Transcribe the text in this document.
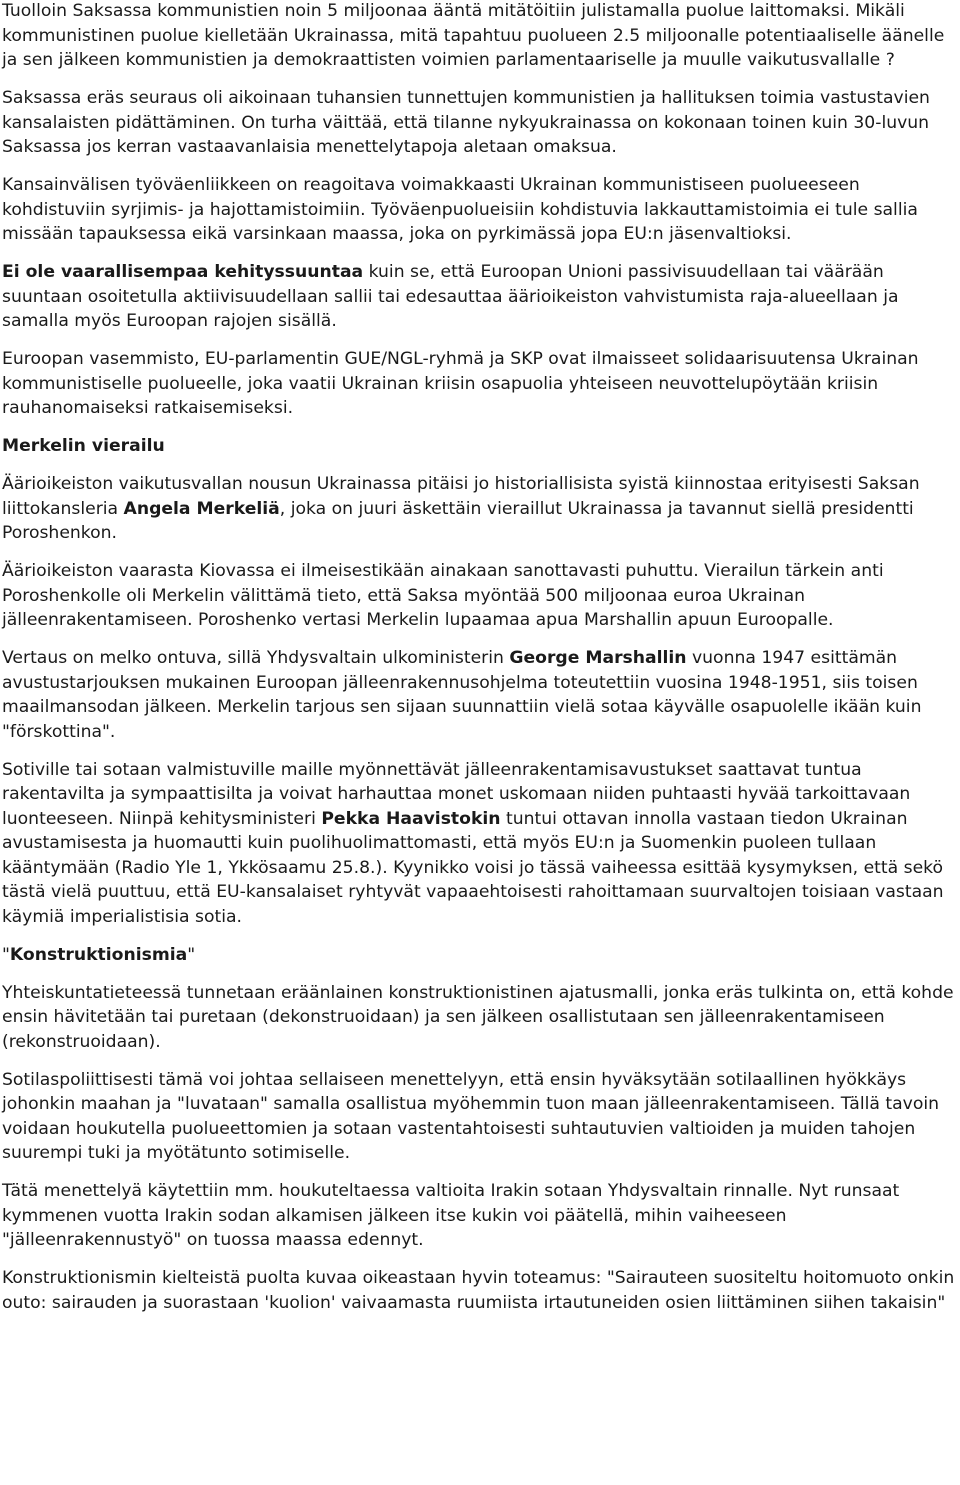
Tuolloin Saksassa kommunistien noin 5 miljoonaa ääntä mitätöitiin julistamalla puolue laittomaksi. Mikäli kommunistinen puolue kielletään Ukrainassa, mitä tapahtuu puolueen 2.5 miljoonalle potentiaaliselle äänelle ja sen jälkeen kommunistien ja demokraattisten voimien parlamentaariselle ja muulle vaikutusvallalle ?

Saksassa eräs seuraus oli aikoinaan tuhansien tunnettujen kommunistien ja hallituksen toimia vastustavien kansalaisten pidättäminen. On turha väittää, että tilanne nykyukrainassa on kokonaan toinen kuin 30-luvun Saksassa jos kerran vastaavanlaisia menettelytapoja aletaan omaksua.

Kansainvälisen työväenliikkeen on reagoitava voimakkaasti Ukrainan kommunistiseen puolueeseen kohdistuviin syrjimis- ja hajottamistoimiin. Työväenpuolueisiin kohdistuvia lakkauttamistoimia ei tule sallia missään tapauksessa eikä varsinkaan maassa, joka on pyrkimässä jopa EU:n jäsenvaltioksi.

Ei ole vaarallisempaa kehityssuuntaa kuin se, että Euroopan Unioni passivisuudellaan tai väärään suuntaan osoitetulla aktiivisuudellaan sallii tai edesauttaa äärioikeiston vahvistumista raja-alueellaan ja samalla myös Euroopan rajojen sisällä.

Euroopan vasemmisto, EU-parlamentin GUE/NGL-ryhmä ja SKP ovat ilmaisseet solidaarisuutensa Ukrainan kommunistiselle puolueelle, joka vaatii Ukrainan kriisin osapuolia yhteiseen neuvottelupöytään kriisin rauhanomaiseksi ratkaisemiseksi.

Merkelin vierailu

Äärioikeiston vaikutusvallan nousun Ukrainassa pitäisi jo historiallisista syistä kiinnostaa erityisesti Saksan liittokansleria Angela Merkeliä, joka on juuri äskettäin vieraillut Ukrainassa ja tavannut siellä presidentti Poroshenkon.

Äärioikeiston vaarasta Kiovassa ei ilmeisestikään ainakaan sanottavasti puhuttu. Vierailun tärkein anti Poroshenkolle oli Merkelin välittämä tieto, että Saksa myöntää 500 miljoonaa euroa Ukrainan jälleenrakentamiseen. Poroshenko vertasi Merkelin lupaamaa apua Marshallin apuun Euroopalle.

Vertaus on melko ontuva, sillä Yhdysvaltain ulkoministerin George Marshallin vuonna 1947 esittämän avustustarjouksen mukainen Euroopan jälleenrakennusohjelma toteutettiin vuosina 1948-1951, siis toisen maailmansodan jälkeen. Merkelin tarjous sen sijaan suunnattiin vielä sotaa käyvälle osapuolelle ikään kuin "förskottina".

Sotiville tai sotaan valmistuville maille myönnettävät jälleenrakentamisavustukset saattavat tuntua rakentavilta ja sympaattisilta ja voivat harhauttaa monet uskomaan niiden puhtaasti hyvää tarkoittavaan luonteeseen. Niinpä kehitysministeri Pekka Haavistokin tuntui ottavan innolla vastaan tiedon Ukrainan avustamisesta ja huomautti kuin puolihuolimattomasti, että myös EU:n ja Suomenkin puoleen tullaan kääntymään (Radio Yle 1, Ykkösaamu 25.8.). Kyynikko voisi jo tässä vaiheessa esittää kysymyksen, että sekö tästä vielä puuttuu, että EU-kansalaiset ryhtyvät vapaaehtoisesti rahoittamaan suurvaltojen toisiaan vastaan käymiä imperialistisia sotia.

"Konstruktionismia"

Yhteiskuntatieteessä tunnetaan eräänlainen konstruktionistinen ajatusmalli, jonka eräs tulkinta on, että kohde ensin hävitetään tai puretaan (dekonstruoidaan) ja sen jälkeen osallistutaan sen jälleenrakentamiseen (rekonstruoidaan).

Sotilaspoliittisesti tämä voi johtaa sellaiseen menettelyyn, että ensin hyväksytään sotilaallinen hyökkäys johonkin maahan ja "luvataan" samalla osallistua myöhemmin tuon maan jälleenrakentamiseen. Tällä tavoin voidaan houkutella puolueettomien ja sotaan vastentahtoisesti suhtautuvien valtioiden ja muiden tahojen suurempi tuki ja myötätunto sotimiselle.

Tätä menettelyä käytettiin mm. houkuteltaessa valtioita Irakin sotaan Yhdysvaltain rinnalle. Nyt runsaat kymmenen vuotta Irakin sodan alkamisen jälkeen itse kukin voi päätellä, mihin vaiheeseen "jälleenrakennustyö" on tuossa maassa edennyt.

Konstruktionismin kielteistä puolta kuvaa oikeastaan hyvin toteamus: "Sairauteen suositeltu hoitomuoto onkin outo: sairauden ja suorastaan 'kuolion' vaivaamasta ruumiista irtautuneiden osien liittäminen siihen takaisin"
